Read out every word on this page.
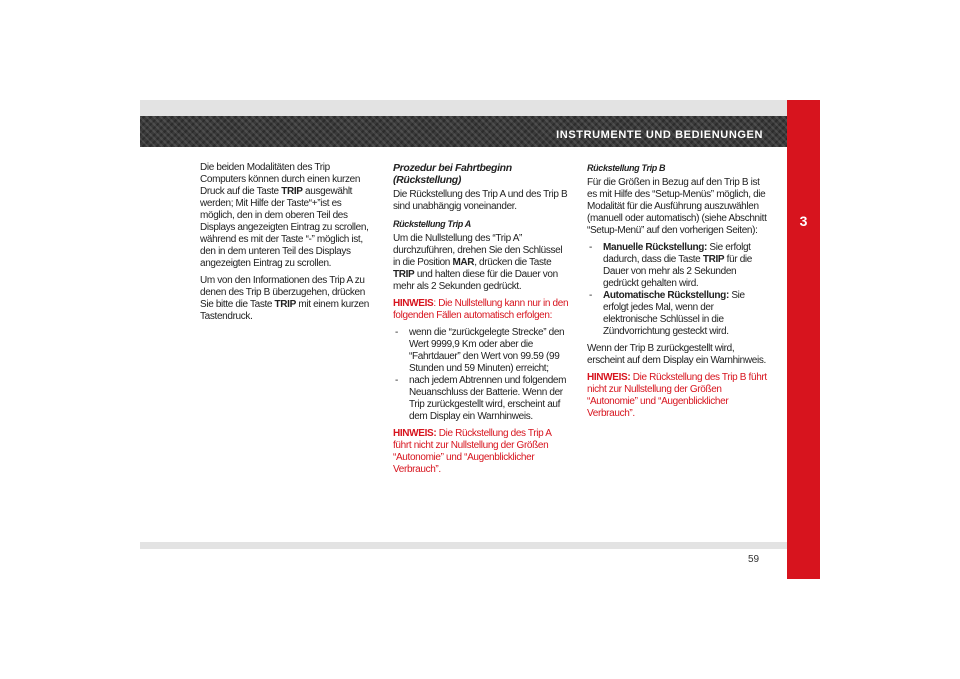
INSTRUMENTE UND BEDIENUNGEN
3

Die beiden Modalitäten des Trip Computers können durch einen kurzen Druck auf die Taste TRIP ausgewählt werden; Mit Hilfe der Taste“+”ist es möglich, den in dem oberen Teil des Displays angezeigten Eintrag zu scrollen, während es mit der Taste “-” möglich ist, den in dem unteren Teil des Displays angezeigten Eintrag zu scrollen.

Um von den Informationen des Trip A zu denen des Trip B überzugehen, drücken Sie bitte die Taste TRIP mit einem kurzen Tastendruck.

Prozedur bei Fahrtbeginn (Rückstellung)

Die Rückstellung des Trip A und des Trip B sind unabhängig voneinander.

Rückstellung Trip A

Um die Nullstellung des “Trip A” durchzuführen, drehen Sie den Schlüssel in die Position MAR, drücken die Taste TRIP und halten diese für die Dauer von mehr als 2 Sekunden gedrückt.

HINWEIS: Die Nullstellung kann nur in den folgenden Fällen automatisch erfolgen:

- wenn die “zurückgelegte Strecke” den Wert 9999,9 Km oder aber die “Fahrtdauer” den Wert von 99.59 (99 Stunden und 59 Minuten) erreicht;
- nach jedem Abtrennen und folgendem Neuanschluss der Batterie. Wenn der Trip zurückgestellt wird, erscheint auf dem Display ein Warnhinweis.

HINWEIS: Die Rückstellung des Trip A führt nicht zur Nullstellung der Größen “Autonomie” und “Augenblicklicher Verbrauch”.

Rückstellung Trip B

Für die Größen in Bezug auf den Trip B ist es mit Hilfe des “Setup-Menüs” möglich, die Modalität für die Ausführung auszuwählen (manuell oder automatisch) (siehe Abschnitt “Setup-Menü” auf den vorherigen Seiten):

- Manuelle Rückstellung: Sie erfolgt dadurch, dass die Taste TRIP für die Dauer von mehr als 2 Sekunden gedrückt gehalten wird.
- Automatische Rückstellung: Sie erfolgt jedes Mal, wenn der elektronische Schlüssel in die Zündvorrichtung gesteckt wird.

Wenn der Trip B zurückgestellt wird, erscheint auf dem Display ein Warnhinweis.

HINWEIS: Die Rückstellung des Trip B führt nicht zur Nullstellung der Größen “Autonomie” und “Augenblicklicher Verbrauch”.

59
